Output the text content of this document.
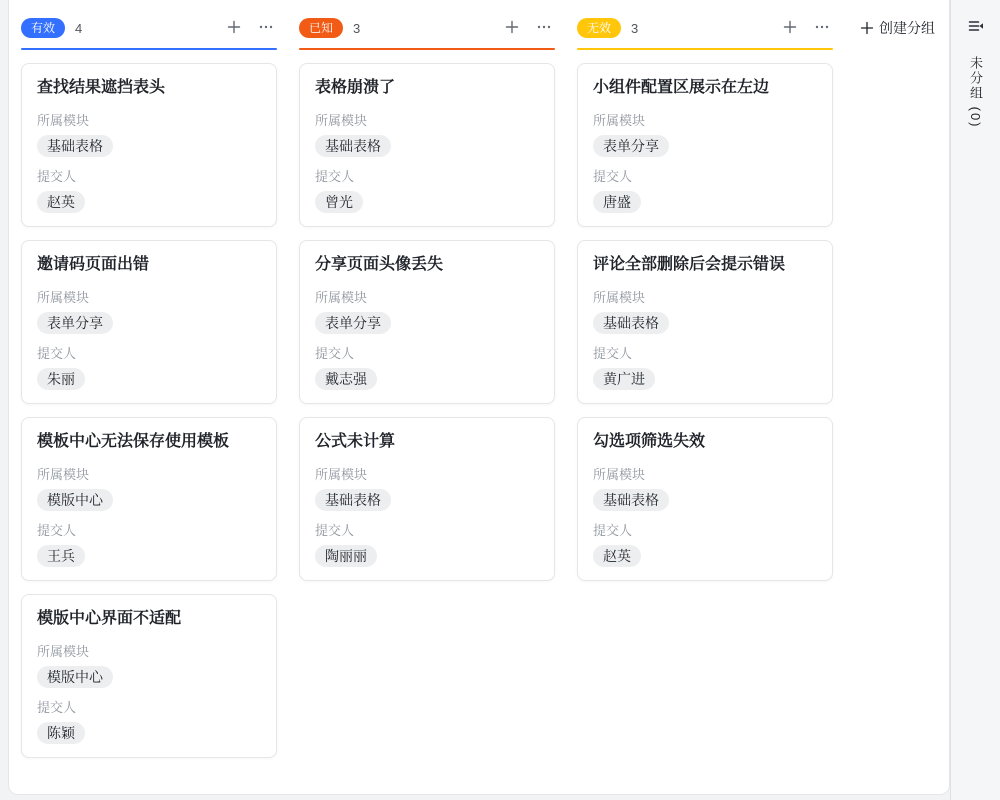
有效	4
查找结果遮挡表头
所属模块
基础表格
提交人
赵英
邀请码页面出错
所属模块
表单分享
提交人
朱丽
模板中心无法保存使用模板
所属模块
模版中心
提交人
王兵
模版中心界面不适配
所属模块
模版中心
提交人
陈颖
已知	3
表格崩溃了
所属模块
基础表格
提交人
曾光
分享页面头像丢失
所属模块
表单分享
提交人
戴志强
公式未计算
所属模块
基础表格
提交人
陶丽丽
无效	3
小组件配置区展示在左边
所属模块
表单分享
提交人
唐盛
评论全部删除后会提示错误
所属模块
基础表格
提交人
黄广进
勾选项筛选失效
所属模块
基础表格
提交人
赵英
创建分组
未分组 (0)
